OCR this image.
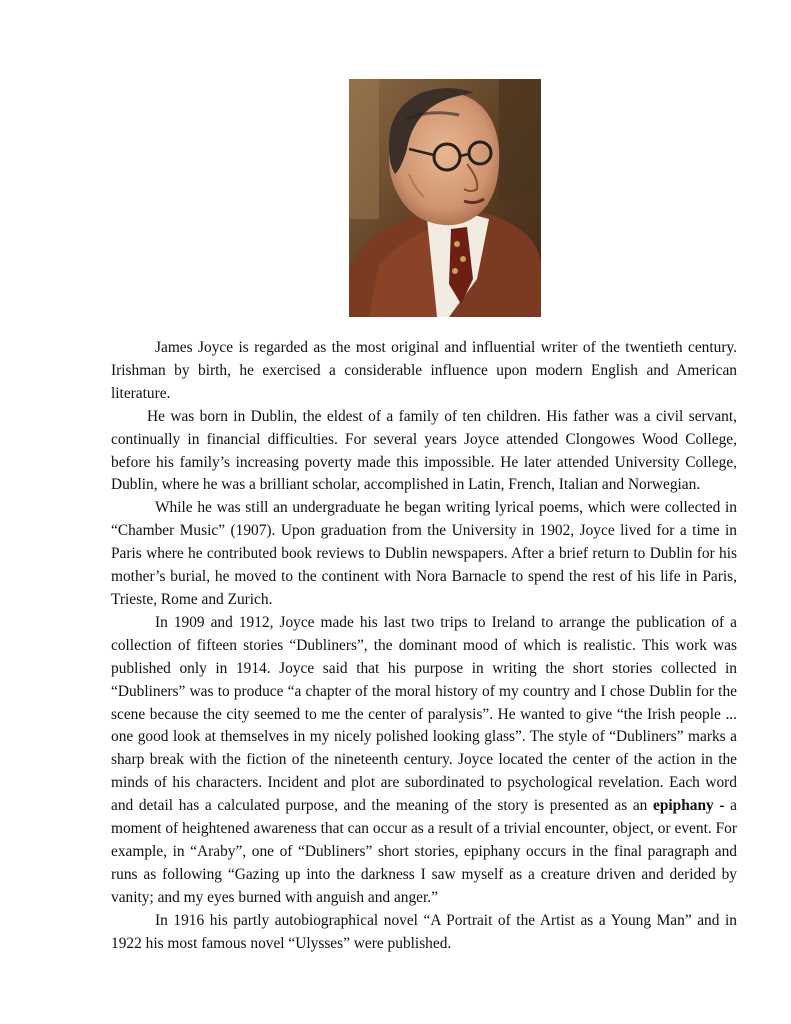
James Joyce is regarded as the most original and influential writer of the twentieth century. Irishman by birth, he exercised a considerable influence upon modern English and American literature.

He was born in Dublin, the eldest of a family of ten children. His father was a civil servant, continually in financial difficulties. For several years Joyce attended Clongowes Wood College, before his family’s increasing poverty made this impossible. He later attended University College, Dublin, where he was a brilliant scholar, accomplished in Latin, French, Italian and Norwegian.

While he was still an undergraduate he began writing lyrical poems, which were collected in “Chamber Music” (1907). Upon graduation from the University in 1902, Joyce lived for a time in Paris where he contributed book reviews to Dublin newspapers. After a brief return to Dublin for his mother’s burial, he moved to the continent with Nora Barnacle to spend the rest of his life in Paris, Trieste, Rome and Zurich.

In 1909 and 1912, Joyce made his last two trips to Ireland to arrange the publication of a collection of fifteen stories “Dubliners”, the dominant mood of which is realistic. This work was published only in 1914. Joyce said that his purpose in writing the short stories collected in “Dubliners” was to produce “a chapter of the moral history of my country and I chose Dublin for the scene because the city seemed to me the center of paralysis”. He wanted to give “the Irish people ... one good look at themselves in my nicely polished looking glass”. The style of “Dubliners” marks a sharp break with the fiction of the nineteenth century. Joyce located the center of the action in the minds of his characters. Incident and plot are subordinated to psychological revelation. Each word and detail has a calculated purpose, and the meaning of the story is presented as an epiphany - a moment of heightened awareness that can occur as a result of a trivial encounter, object, or event. For example, in “Araby”, one of “Dubliners” short stories, epiphany occurs in the final paragraph and runs as following “Gazing up into the darkness I saw myself as a creature driven and derided by vanity; and my eyes burned with anguish and anger.”

In 1916 his partly autobiographical novel “A Portrait of the Artist as a Young Man” and in 1922 his most famous novel “Ulysses” were published.
